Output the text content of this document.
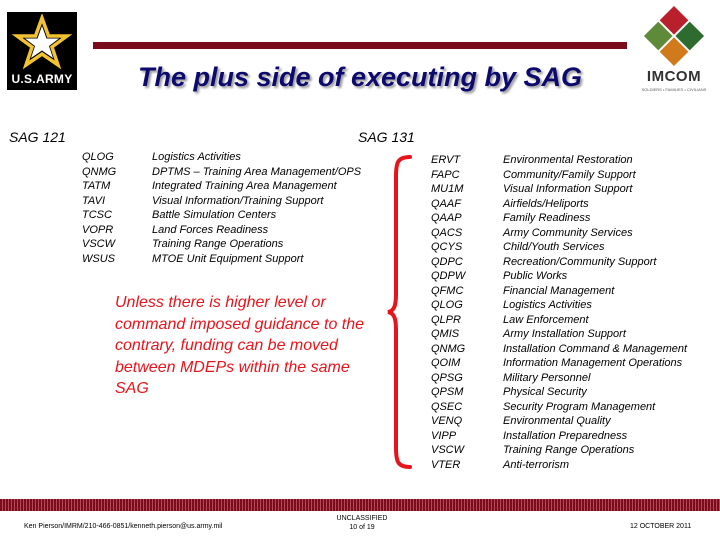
U.S.ARMY	IMCOM
SOLDIERS • FAMILIES • CIVILIANS
The plus side of executing by SAG
SAG 121
QLOG	Logistics Activities
QNMG	DPTMS – Training Area Management/OPS
TATM	Integrated Training Area Management
TAVI	Visual Information/Training Support
TCSC	Battle Simulation Centers
VOPR	Land Forces Readiness
VSCW	Training Range Operations
WSUS	MTOE Unit Equipment Support
SAG 131
ERVT	Environmental Restoration
FAPC	Community/Family Support
MU1M	Visual Information Support
QAAF	Airfields/Heliports
QAAP	Family Readiness
QACS	Army Community Services
QCYS	Child/Youth Services
QDPC	Recreation/Community Support
QDPW	Public Works
QFMC	Financial Management
QLOG	Logistics Activities
QLPR	Law Enforcement
QMIS	Army Installation Support
QNMG	Installation Command & Management
QOIM	Information Management Operations
QPSG	Military Personnel
QPSM	Physical Security
QSEC	Security Program Management
VENQ	Environmental Quality
VIPP	Installation Preparedness
VSCW	Training Range Operations
VTER	Anti-terrorism
Unless there is higher level or command imposed guidance to the contrary, funding can be moved between MDEPs within the same SAG
Ken Pierson/IMRM/210-466-0851/kenneth.pierson@us.army.mil
UNCLASSIFIED
10 of 19	12 OCTOBER 2011
